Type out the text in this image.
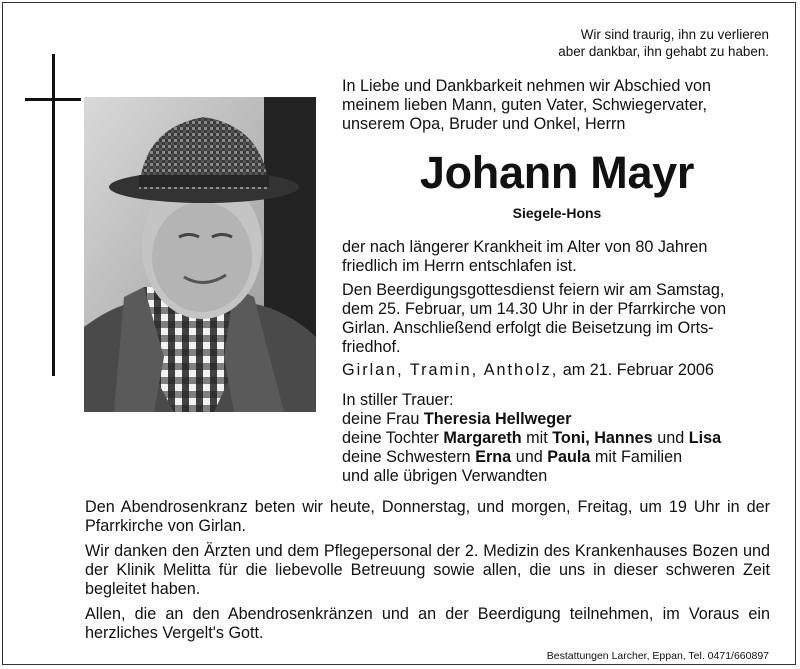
Wir sind traurig, ihn zu verlieren
aber dankbar, ihn gehabt zu haben.
In Liebe und Dankbarkeit nehmen wir Abschied von
meinem lieben Mann, guten Vater, Schwiegervater,
unserem Opa, Bruder und Onkel, Herrn
Johann Mayr
Siegele-Hons
der nach längerer Krankheit im Alter von 80 Jahren
friedlich im Herrn entschlafen ist.
Den Beerdigungsgottesdienst feiern wir am Samstag,
dem 25. Februar, um 14.30 Uhr in der Pfarrkirche von
Girlan. Anschließend erfolgt die Beisetzung im Orts-
friedhof.
Girlan, Tramin, Antholz, am 21. Februar 2006
In stiller Trauer:
deine Frau Theresia Hellweger
deine Tochter Margareth mit Toni, Hannes und Lisa
deine Schwestern Erna und Paula mit Familien
und alle übrigen Verwandten
Den Abendrosenkranz beten wir heute, Donnerstag, und morgen, Freitag, um 19 Uhr in der Pfarrkirche von Girlan.
Wir danken den Ärzten und dem Pflegepersonal der 2. Medizin des Krankenhauses Bozen und der Klinik Melitta für die liebevolle Betreuung sowie allen, die uns in dieser schweren Zeit begleitet haben.
Allen, die an den Abendrosenkränzen und an der Beerdigung teilnehmen, im Voraus ein herzliches Vergelt's Gott.
Bestattungen Larcher, Eppan, Tel. 0471/660897
